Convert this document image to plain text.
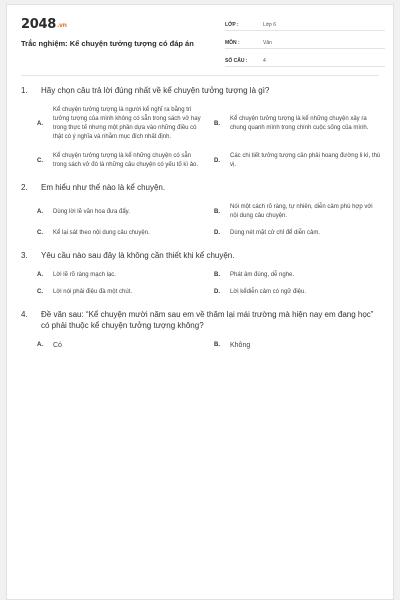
2048.vn
Trắc nghiệm: Kể chuyện tưởng tượng có đáp án
LỚP :	Lớp 6
MÔN :	Văn
SỐ CÂU :	4
1.	Hãy chọn câu trả lời đúng nhất về kể chuyện tưởng tượng là gì?
A.
Kể chuyện tưởng tượng là người kể nghĩ ra bằng trí tưởng tượng của mình không có sẵn trong sách vở hay trong thực tế nhưng một phần dựa vào những điều có thật có ý nghĩa và nhằm mục đích nhất định.
B.
Kể chuyện tưởng tượng là kể những chuyện xảy ra chung quanh mình trong chính cuộc sống của mình.
C.
Kể chuyện tưởng tượng là kể những chuyện có sẵn trong sách vở đó là những câu chuyện có yếu tố kì ảo.
D.
Các chi tiết tưởng tượng cần phải hoang đường li kì, thú vị.
2.	Em hiểu như thế nào là kể chuyện.
A.	Dùng lời lẽ văn hoa đưa đẩy.	B.
Nói một cách rõ ràng, tự nhiên, diễn cảm phù hợp với nội dung câu chuyện.
C.	Kể lại sát theo nội dung câu chuyện.	D.	Dùng nét mặt cử chỉ để diễn cảm.
3.	Yêu cầu nào sau đây là không cần thiết khi kể chuyện.
A.	Lời lẽ rõ ràng mạch lạc.	B.	Phát âm đúng, dễ nghe.
C.	Lời nói phải điệu đà một chút.	D.	Lời kểdiễn cảm có ngữ điệu.
4.	Đề văn sau: “Kể chuyện mười năm sau em về thăm lại mái trường mà hiện nay em đang học” có phải thuộc kể chuyện tưởng tượng không?
A.	Có	B.	Không
